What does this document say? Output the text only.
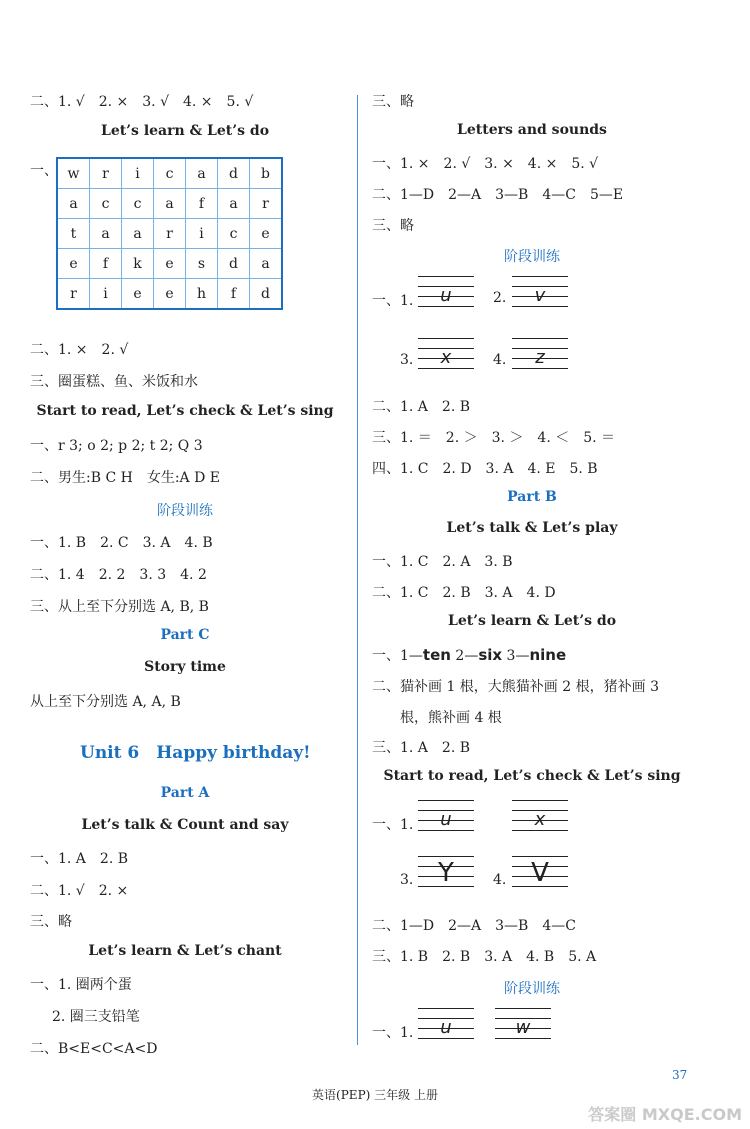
二、1. √　2. ×　3. √　4. ×　5. √
Let’s learn & Let’s do
一、 w	r	i	c	a	d	b
a	c	c	a	f	a	r
t	a	a	r	i	c	e
e	f	k	e	s	d	a
r	i	e	e	h	f	d
二、1. ×　2. √
三、圈蛋糕、鱼、米饭和水
Start to read, Let’s check & Let’s sing
一、r 3; o 2; p 2; t 2; Q 3
二、男生:B C H　女生:A D E
阶段训练
一、1. B　2. C　3. A　4. B
二、1. 4　2. 2　3. 3　4. 2
三、从上至下分别选 A, B, B
Part C
Story time
从上至下分别选 A, A, B
Unit 6　Happy birthday!
Part A
Let’s talk & Count and say
一、1. A　2. B
二、1. √　2. ×
三、略
Let’s learn & Let’s chant
一、1. 圈两个蛋
2. 圈三支铅笔
二、B<E<C<A<D
三、略
Letters and sounds
一、1. ×　2. √　3. ×　4. ×　5. √
二、1—D　2—A　3—B　4—C　5—E
三、略
阶段训练
一、1.	u	2.	v
3.	x	4.	z
二、1. A　2. B
三、1. ＝　2. ＞　3. ＞　4. ＜　5. ＝
四、1. C　2. D　3. A　4. E　5. B
Part B
Let’s talk & Let’s play
一、1. C　2. A　3. B
二、1. C　2. B　3. A　4. D
Let’s learn & Let’s do
一、1—ten 2—six 3—nine
二、猫补画 1 根，大熊猫补画 2 根，猪补画 3
根，熊补画 4 根
三、1. A　2. B
Start to read, Let’s check & Let’s sing
一、1.	u	x
3. Y	4. V
二、1—D　2—A　3—B　4—C
三、1. B　2. B　3. A　4. B　5. A
阶段训练
一、1.	u	w
英语(PEP) 三年级 上册
37
答案圈 MXQE.COM
